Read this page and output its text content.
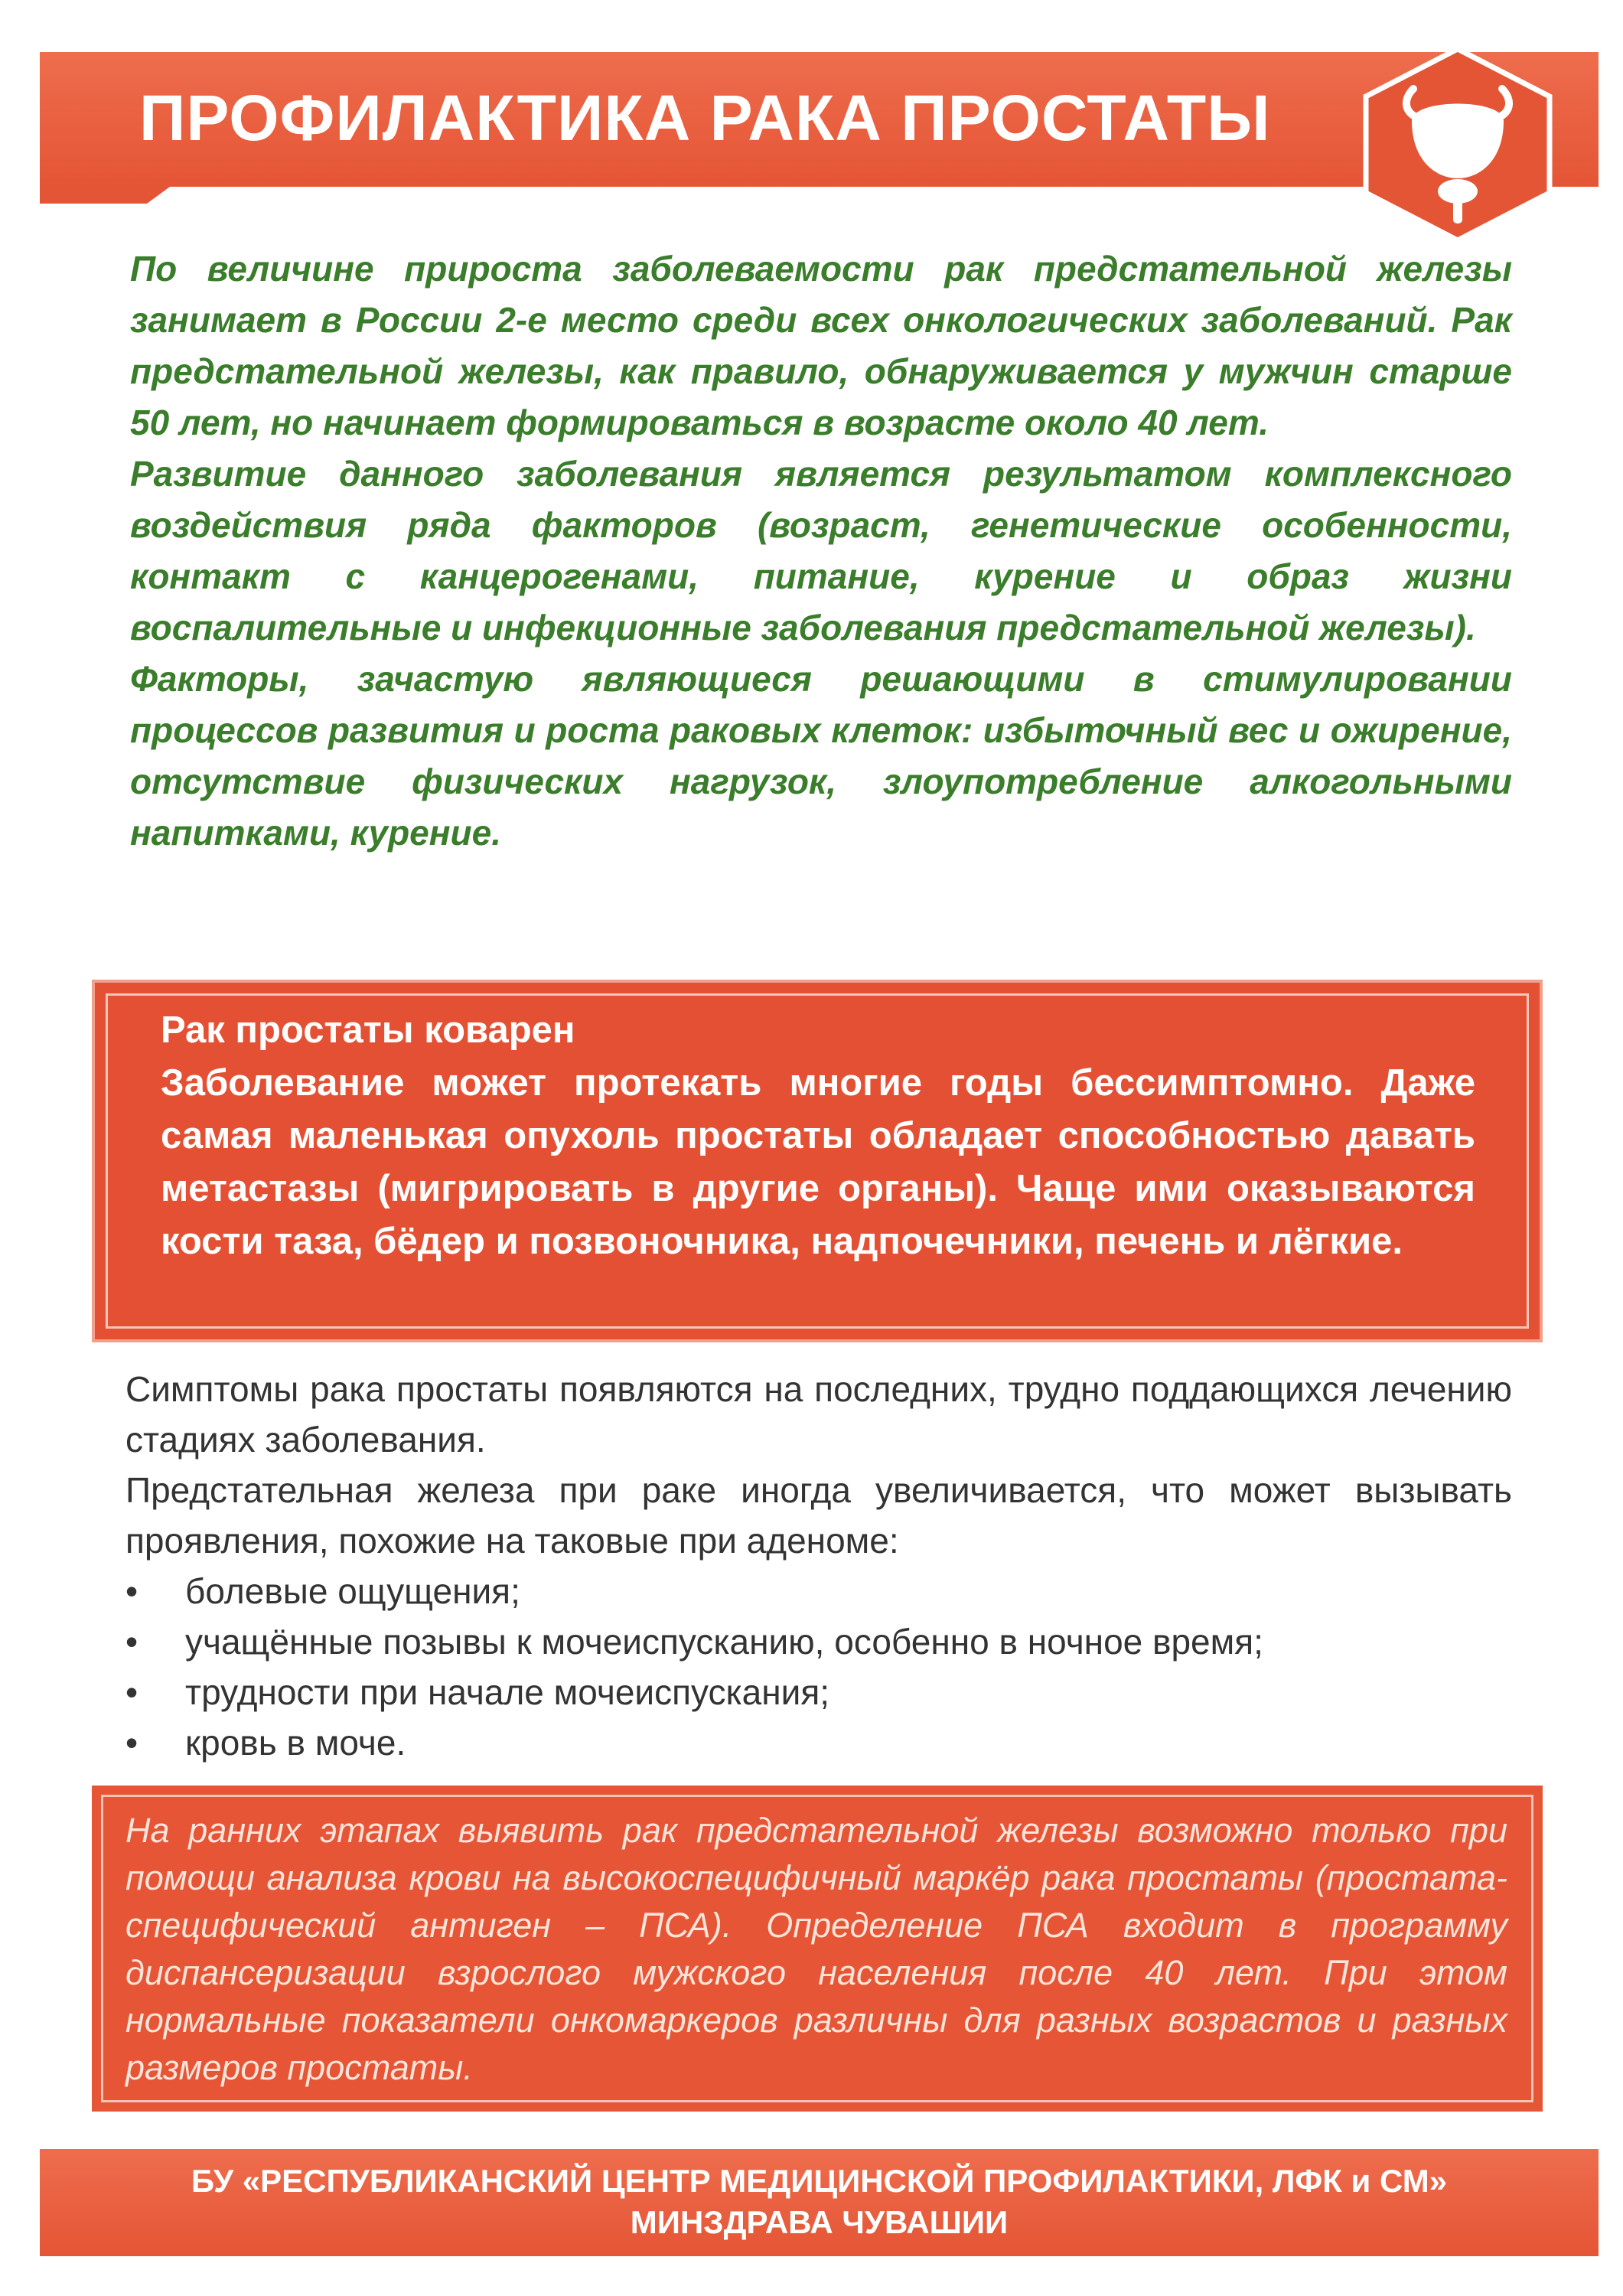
ПРОФИЛАКТИКА РАКА ПРОСТАТЫ

По величине прироста заболеваемости рак предстательной железы занимает в России 2-е место среди всех онкологических заболеваний. Рак предстательной железы, как правило, обнаруживается у мужчин старше 50 лет, но начинает формироваться в возрасте около 40 лет.

Развитие данного заболевания является результатом комплексного воздействия ряда факторов (возраст, генетические особенности, контакт с канцерогенами, питание, курение и образ жизни воспалительные и инфекционные заболевания предстательной железы).

Факторы, зачастую являющиеся решающими в стимулировании процессов развития и роста раковых клеток: избыточный вес и ожирение, отсутствие физических нагрузок, злоупотребление алкогольными напитками, курение.

Рак простаты коварен

Заболевание может протекать многие годы бессимптомно. Даже самая маленькая опухоль простаты обладает способностью давать метастазы (мигрировать в другие органы). Чаще ими оказываются кости таза, бёдер и позвоночника, надпочечники, печень и лёгкие.

Симптомы рака простаты появляются на последних, трудно поддающихся лечению стадиях заболевания.

Предстательная железа при раке иногда увеличивается, что может вызывать проявления, похожие на таковые при аденоме:

• болевые ощущения;
• учащённые позывы к мочеиспусканию, особенно в ночное время;
• трудности при начале мочеиспускания;
• кровь в моче.
На ранних этапах выявить рак предстательной железы возможно только при помощи анализа крови на высокоспецифичный маркёр рака простаты (простата-специфический антиген – ПСА). Определение ПСА входит в программу диспансеризации взрослого мужского населения после 40 лет. При этом нормальные показатели онкомаркеров различны для разных возрастов и разных размеров простаты.
БУ «РЕСПУБЛИКАНСКИЙ ЦЕНТР МЕДИЦИНСКОЙ ПРОФИЛАКТИКИ, ЛФК и СМ»
МИНЗДРАВА ЧУВАШИИ
